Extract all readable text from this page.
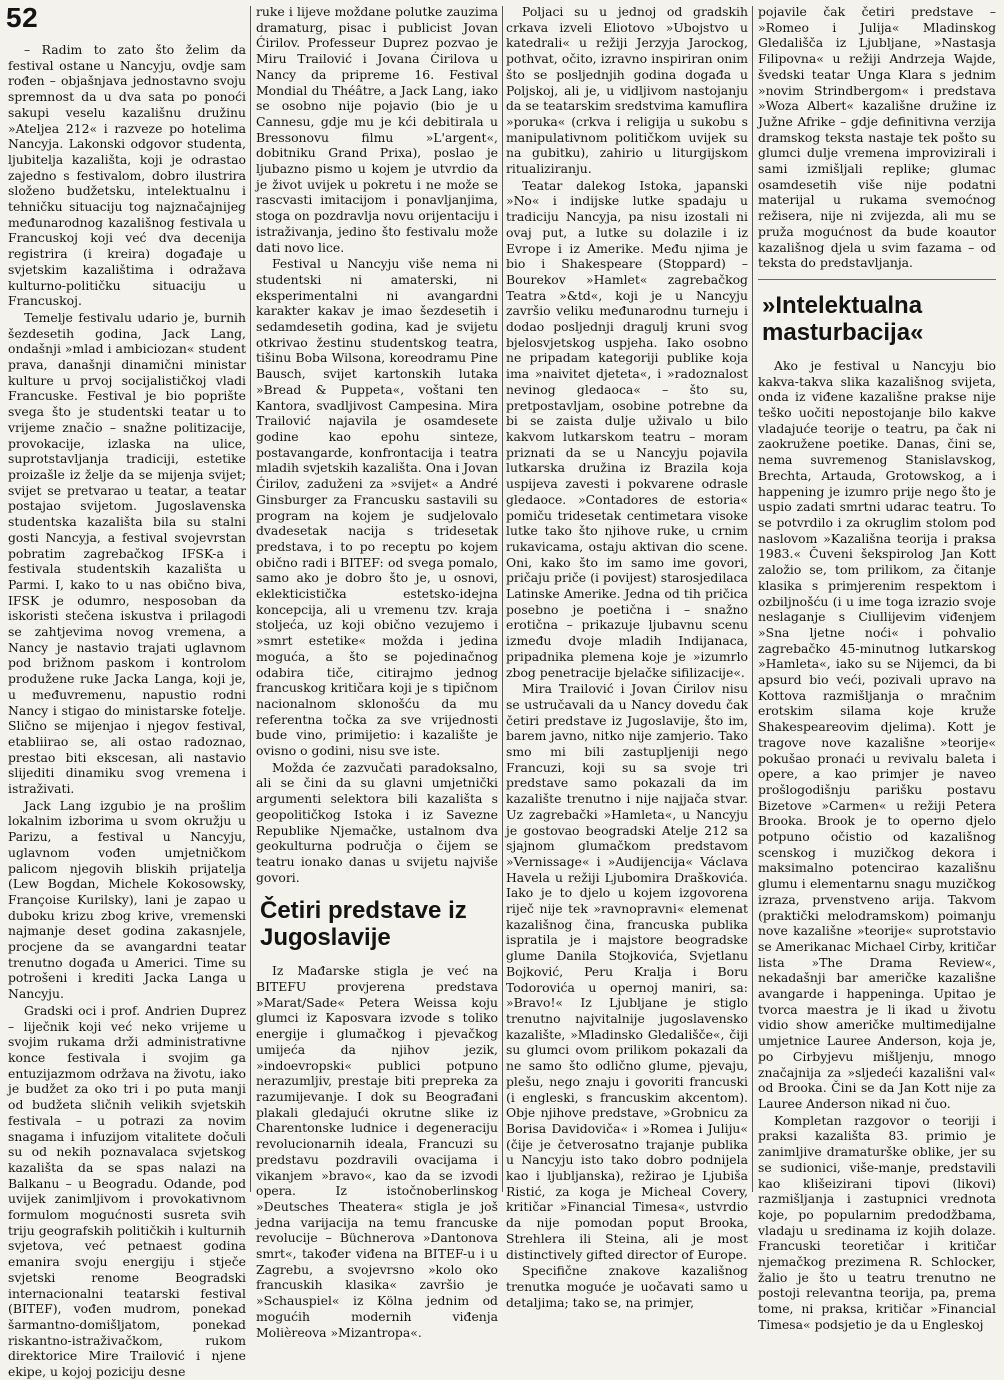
52

– Radim to zato što želim da festival ostane u Nancyju, ovdje sam rođen – objašnjava jednostavno svoju spremnost da u dva sata po ponoći sakupi veselu kazališnu družinu »Ateljea 212« i razveze po hotelima Nancyja. Lakonski odgovor studenta, ljubitelja kazališta, koji je odrastao zajedno s festivalom, dobro ilustrira složeno budžetsku, intelektualnu i tehničku situaciju tog najznačajnijeg međunarodnog kazališnog festivala u Francuskoj koji već dva decenija registrira (i kreira) događaje u svjetskim kazalištima i odražava kulturno-političku situaciju u Francuskoj.

Temelje festivalu udario je, burnih šezdesetih godina, Jack Lang, ondašnji »mlad i ambiciozan« student prava, današnji dinamični ministar kulture u prvoj socijalističkoj vladi Francuske. Festival je bio poprište svega što je studentski teatar u to vrijeme značio – snažne politizacije, provokacije, izlaska na ulice, suprotstavljanja tradiciji, estetike proizašle iz želje da se mijenja svijet; svijet se pretvarao u teatar, a teatar postajao svijetom. Jugoslavenska studentska kazališta bila su stalni gosti Nancyja, a festival svojevrstan pobratim zagrebačkog IFSK-a i festivala studentskih kazališta u Parmi. I, kako to u nas obično biva, IFSK je odumro, nesposoban da iskoristi stečena iskustva i prilagodi se zahtjevima novog vremena, a Nancy je nastavio trajati uglavnom pod brižnom paskom i kontrolom produžene ruke Jacka Langa, koji je, u međuvremenu, napustio rodni Nancy i stigao do ministarske fotelje. Slično se mijenjao i njegov festival, etabliirao se, ali ostao radoznao, prestao biti ekscesan, ali nastavio slijediti dinamiku svog vremena i istraživati.

Jack Lang izgubio je na prošlim lokalnim izborima u svom okružju u Parizu, a festival u Nancyju, uglavnom vođen umjetničkom palicom njegovih bliskih prijatelja (Lew Bogdan, Michele Kokosowsky, Françoise Kurilsky), lani je zapao u duboku krizu zbog krive, vremenski najmanje deset godina zakasnjele, procjene da se avangardni teatar trenutno događa u Americi. Time su potrošeni i krediti Jacka Langa u Nancyju.

Gradski oci i prof. Andrien Duprez – liječnik koji već neko vrijeme u svojim rukama drži administrativne konce festivala i svojim ga entuzijazmom održava na životu, iako je budžet za oko tri i po puta manji od budžeta sličnih velikih svjetskih festivala – u potrazi za novim snagama i infuzijom vitalitete dočuli su od nekih poznavalaca svjetskog kazališta da se spas nalazi na Balkanu – u Beogradu. Odande, pod uvijek zanimljivom i provokativnom formulom mogućnosti susreta svih triju geografskih političkih i kulturnih svjetova, već petnaest godina emanira svoju energiju i stječe svjetski renome Beogradski internacionalni teatarski festival (BITEF), vođen mudrom, ponekad šarmantno-domišljatom, ponekad riskantno-istraživačkom, rukom direktorice Mire Trailović i njene ekipe, u kojoj poziciju desne

ruke i lijeve moždane polutke zauzima dramaturg, pisac i publicist Jovan Ćirilov. Professeur Duprez pozvao je Miru Trailović i Jovana Ćirilova u Nancy da pripreme 16. Festival Mondial du Théâtre, a Jack Lang, iako se osobno nije pojavio (bio je u Cannesu, gdje mu je kći debitirala u Bressonovu filmu »L'argent«, dobitniku Grand Prixa), poslao je ljubazno pismo u kojem je utvrdio da je život uvijek u pokretu i ne može se rascvasti imitacijom i ponavljanjima, stoga on pozdravlja novu orijentaciju i istraživanja, jedino što festivalu može dati novo lice.

Festival u Nancyju više nema ni studentski ni amaterski, ni eksperimentalni ni avangardni karakter kakav je imao šezdesetih i sedamdesetih godina, kad je svijetu otkrivao žestinu studentskog teatra, tišinu Boba Wilsona, koreodramu Pine Bausch, svijet kartonskih lutaka »Bread & Puppeta«, voštani ten Kantora, svadljivost Campesina. Mira Trailović najavila je osamdesete godine kao epohu sinteze, postavangarde, konfrontacija i teatra mladih svjetskih kazališta. Ona i Jovan Ćirilov, zaduženi za »svijet« a André Ginsburger za Francusku sastavili su program na kojem je sudjelovalo dvadesetak nacija s tridesetak predstava, i to po receptu po kojem obično radi i BITEF: od svega pomalo, samo ako je dobro što je, u osnovi, eklekticistička estetsko-idejna koncepcija, ali u vremenu tzv. kraja stoljeća, uz koji obično vezujemo i »smrt estetike« možda i jedina moguća, a što se pojedinačnog odabira tiče, citirajmo jednog francuskog kritičara koji je s tipičnom nacionalnom sklonošću da mu referentna točka za sve vrijednosti bude vino, primijetio: i kazalište je ovisno o godini, nisu sve iste.

Možda će zazvučati paradoksalno, ali se čini da su glavni umjetnički argumenti selektora bili kazališta s geopolitičkog Istoka i iz Savezne Republike Njemačke, ustalnom dva geokulturna područja o čijem se teatru ionako danas u svijetu najviše govori.

Četiri predstave iz Jugoslavije

Iz Mađarske stigla je već na BITEFU provjerena predstava »Marat/Sade« Petera Weissa koju glumci iz Kaposvara izvode s toliko energije i glumačkog i pjevačkog umijeća da njihov jezik, »indoevropski« publici potpuno nerazumljiv, prestaje biti prepreka za razumijevanje. I dok su Beograđani plakali gledajući okrutne slike iz Charentonske ludnice i degeneraciju revolucionarnih ideala, Francuzi su predstavu pozdravili ovacijama i vikanjem »bravo«, kao da se izvodi opera. Iz istočnoberlinskog »Deutsches Theatera« stigla je još jedna varijacija na temu francuske revolucije – Büchnerova »Dantonova smrt«, također viđena na BITEF-u i u Zagrebu, a svojevrsno »kolo oko francuskih klasika« završio je »Schauspiel« iz Kölna jednim od mogućih modernih viđenja Molièreova »Mizantropa«.

Poljaci su u jednoj od gradskih crkava izveli Eliotovo »Ubojstvo u katedrali« u režiji Jerzyja Jarockog, pothvat, očito, izravno inspiriran onim što se posljednjih godina događa u Poljskoj, ali je, u vidljivom nastojanju da se teatarskim sredstvima kamuflira »poruka« (crkva i religija u sukobu s manipulativnom političkom uvijek su na gubitku), zahirio u liturgijskom ritualiziranju.

Teatar dalekog Istoka, japanski »No« i indijske lutke spadaju u tradiciju Nancyja, pa nisu izostali ni ovaj put, a lutke su dolazile i iz Evrope i iz Amerike. Među njima je bio i Shakespeare (Stoppard) – Bourekov »Hamlet« zagrebačkog Teatra »&td«, koji je u Nancyju završio veliku međunarodnu turneju i dodao posljednji dragulj kruni svog bjelosvjetskog uspjeha. Iako osobno ne pripadam kategoriji publike koja ima »naivitet djeteta«, i »radoznalost nevinog gledaoca« – što su, pretpostavljam, osobine potrebne da bi se zaista dulje uživalo u bilo kakvom lutkarskom teatru – moram priznati da se u Nancyju pojavila lutkarska družina iz Brazila koja uspijeva zavesti i pokvarene odrasle gledaoce. »Contadores de estoria« pomiču tridesetak centimetara visoke lutke tako što njihove ruke, u crnim rukavicama, ostaju aktivan dio scene. Oni, kako što im samo ime govori, pričaju priče (i povijest) starosjedilaca Latinske Amerike. Jedna od tih pričica posebno je poetična i – snažno erotična – prikazuje ljubavnu scenu između dvoje mladih Indijanaca, pripadnika plemena koje je »izumrlo zbog penetracije bjelačke sifilizacije«.

Mira Trailović i Jovan Ćirilov nisu se ustručavali da u Nancy dovedu čak četiri predstave iz Jugoslavije, što im, barem javno, nitko nije zamjerio. Tako smo mi bili zastupljeniji nego Francuzi, koji su sa svoje tri predstave samo pokazali da im kazalište trenutno i nije najjača stvar. Uz zagrebački »Hamleta«, u Nancyju je gostovao beogradski Atelje 212 sa sjajnom glumačkom predstavom »Vernissage« i »Audijencija« Václava Havela u režiji Ljubomira Draškovića. Iako je to djelo u kojem izgovorena riječ nije tek »ravnopravni« elemenat kazališnog čina, francuska publika ispratila je i majstore beogradske glume Danila Stojkovića, Svjetlanu Bojković, Peru Kralja i Boru Todorovića u opernoj maniri, sa: »Bravo!« Iz Ljubljane je stiglo trenutno najvitalnije jugoslavensko kazalište, »Mladinsko Gledališče«, čiji su glumci ovom prilikom pokazali da ne samo što odlično glume, pjevaju, plešu, nego znaju i govoriti francuski (i engleski, s francuskim akcentom). Obje njihove predstave, »Grobnicu za Borisa Davidoviča« i »Romea i Juliju« (čije je četverosatno trajanje publika u Nancyju isto tako dobro podnijela kao i ljubljanska), režirao je Ljubiša Ristić, za koga je Micheal Covery, kritičar »Financial Timesa«, ustvrdio da nije pomodan poput Brooka, Strehlera ili Steina, ali je most distinctively gifted director of Europe.

Specifične znakove kazališnog trenutka moguće je uočavati samo u detaljima; tako se, na primjer,

pojavile čak četiri predstave – »Romeo i Julija« Mladinskog Gledališča iz Ljubljane, »Nastasja Filipovna« u režiji Andrzeja Wajde, švedski teatar Unga Klara s jednim »novim Strindbergom« i predstava »Woza Albert« kazališne družine iz Južne Afrike – gdje definitivna verzija dramskog teksta nastaje tek pošto su glumci dulje vremena improvizirali i sami izmišljali replike; glumac osamdesetih više nije podatni materijal u rukama svemoćnog režisera, nije ni zvijezda, ali mu se pruža mogućnost da bude koautor kazališnog djela u svim fazama – od teksta do predstavljanja.

»Intelektualna masturbacija«

Ako je festival u Nancyju bio kakva-takva slika kazališnog svijeta, onda iz viđene kazališne prakse nije teško uočiti nepostojanje bilo kakve vladajuće teorije o teatru, pa čak ni zaokružene poetike. Danas, čini se, nema suvremenog Stanislavskog, Brechta, Artauda, Grotowskog, a i happening je izumro prije nego što je uspio zadati smrtni udarac teatru. To se potvrdilo i za okruglim stolom pod naslovom »Kazališna teorija i praksa 1983.« Čuveni šekspirolog Jan Kott založio se, tom prilikom, za čitanje klasika s primjerenim respektom i ozbiljnošću (i u ime toga izrazio svoje neslaganje s Ciullijevim viđenjem »Sna ljetne noći« i pohvalio zagrebačko 45-minutnog lutkarskog »Hamleta«, iako su se Nijemci, da bi apsurd bio veći, pozivali upravo na Kottova razmišljanja o mračnim erotskim silama koje kruže Shakespeareovim djelima). Kott je tragove nove kazališne »teorije« pokušao pronaći u revivalu baleta i opere, a kao primjer je naveo prošlogodišnju parišku postavu Bizetove »Carmen« u režiji Petera Brooka. Brook je to operno djelo potpuno očistio od kazališnog scenskog i muzičkog dekora i maksimalno potencirao kazališnu glumu i elementarnu snagu muzičkog izraza, prvenstveno arija. Takvom (praktički melodramskom) poimanju nove kazališne »teorije« suprotstavio se Amerikanac Michael Cirby, kritičar lista »The Drama Review«, nekadašnji bar američke kazališne avangarde i happeninga. Upitao je tvorca maestra je li ikad u životu vidio show američke multimedijalne umjetnice Lauree Anderson, koja je, po Cirbyjevu mišljenju, mnogo značajnija za »sljedeći kazališni val« od Brooka. Čini se da Jan Kott nije za Lauree Anderson nikad ni čuo.

Kompletan razgovor o teoriji i praksi kazališta 83. primio je zanimljive dramaturške oblike, jer su se sudionici, više-manje, predstavili kao klišeizirani tipovi (likovi) razmišljanja i zastupnici vrednota koje, po popularnim predodžbama, vladaju u sredinama iz kojih dolaze. Francuski teoretičar i kritičar njemačkog prezimena R. Schlocker, žalio je što u teatru trenutno ne postoji relevantna teorija, pa, prema tome, ni praksa, kritičar »Financial Timesa« podsjetio je da u Engleskoj
